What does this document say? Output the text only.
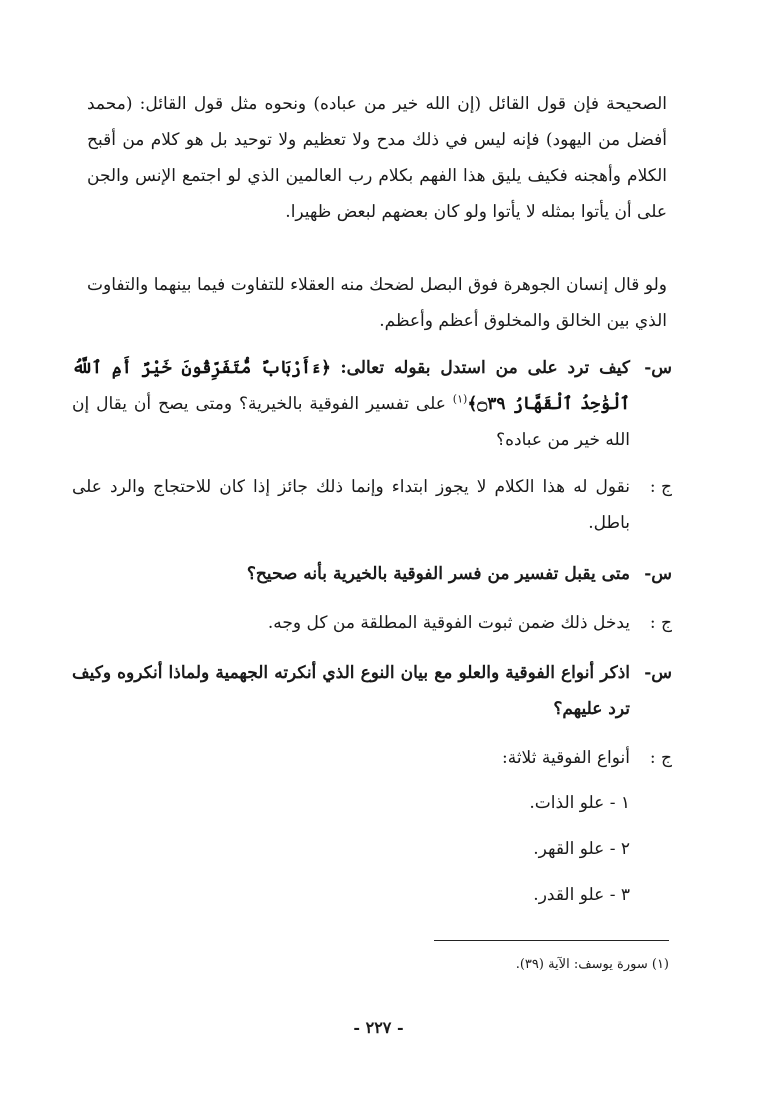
الصحيحة فإن قول القائل (إن الله خير من عباده) ونحوه مثل قول القائل: (محمد أفضل من اليهود) فإنه ليس في ذلك مدح ولا تعظيم ولا توحيد بل هو كلام من أقبح الكلام وأهجنه فكيف يليق هذا الفهم بكلام رب العالمين الذي لو اجتمع الإنس والجن على أن يأتوا بمثله لا يأتوا ولو كان بعضهم لبعض ظهيرا.
ولو قال إنسان الجوهرة فوق البصل لضحك منه العقلاء للتفاوت فيما بينهما والتفاوت الذي بين الخالق والمخلوق أعظم وأعظم.
س-
كيف ترد على من استدل بقوله تعالى: ﴿ءَأَرْبَابٌ مُّتَفَرِّقُونَ خَيْرٌ أَمِ ٱللَّهُ ٱلْوَٰحِدُ ٱلْقَهَّارُ ۝٣٩﴾$^{(١)}$ على تفسير الفوقية بالخيرية؟ ومتى يصح أن يقال إن الله خير من عباده؟
ج :
نقول له هذا الكلام لا يجوز ابتداء وإنما ذلك جائز إذا كان للاحتجاج والرد على باطل.
س-
متى يقبل تفسير من فسر الفوقية بالخيرية بأنه صحيح؟
ج :
يدخل ذلك ضمن ثبوت الفوقية المطلقة من كل وجه.
س-
اذكر أنواع الفوقية والعلو مع بيان النوع الذي أنكرته الجهمية ولماذا أنكروه وكيف ترد عليهم؟
ج :
أنواع الفوقية ثلاثة:
١ - علو الذات.
٢ - علو القهر.
٣ - علو القدر.
(١) سورة يوسف: الآية (٣٩).
- ٢٢٧ -
